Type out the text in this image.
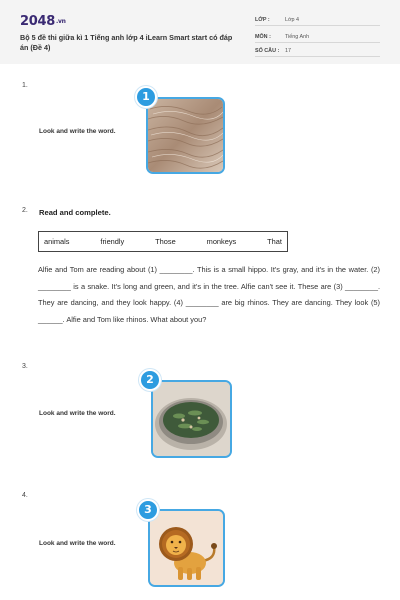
2048.vn
Bộ 5 đề thi giữa kì 1 Tiếng anh lớp 4 iLearn Smart start có đáp án (Đề 4)
LỚP :	Lớp 4
MÔN :	Tiếng Anh
SỐ CÂU : 17
1.
Look and write the word.
1
2. Read and complete.
animals	friendly	Those	monkeys	That
Alfie and Tom are reading about (1) ________. This is a small hippo. It's gray, and it's in the water. (2) ________ is a snake. It's long and green, and it's in the tree. Alfie can't see it. These are (3) ________. They are dancing, and they look happy. (4) ________ are big rhinos. They are dancing. They look (5) ______. Alfie and Tom like rhinos. What about you?
3.
Look and write the word.
2
4.
Look and write the word.
3
